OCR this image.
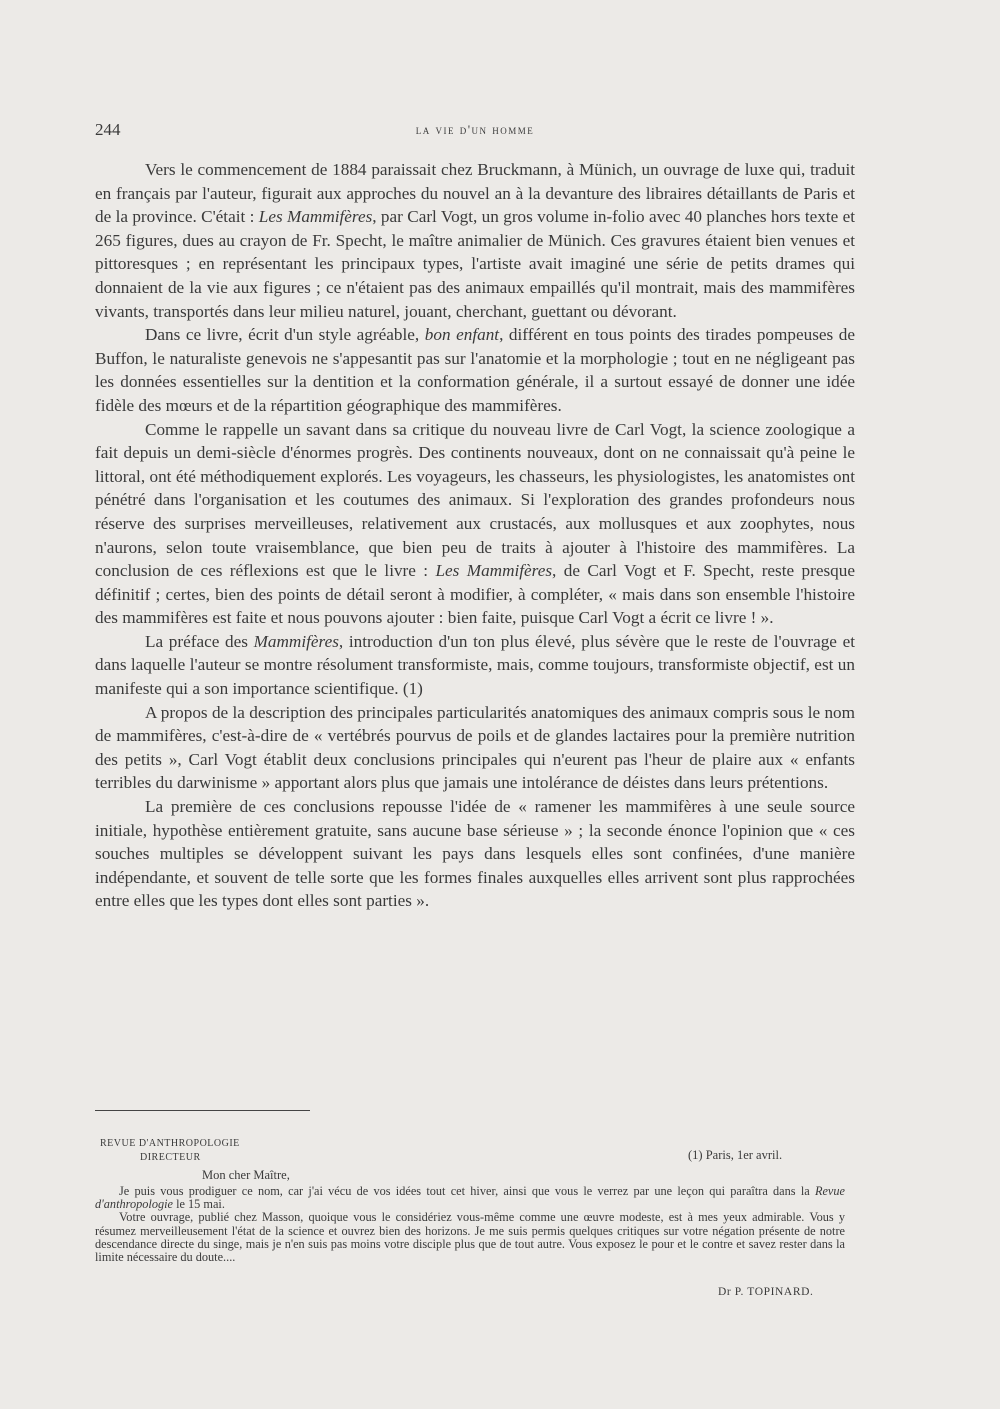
244	la vie d'un homme

Vers le commencement de 1884 paraissait chez Bruckmann, à Münich, un ouvrage de luxe qui, traduit en français par l'auteur, figurait aux approches du nouvel an à la devanture des libraires détaillants de Paris et de la province. C'était : Les Mammifères, par Carl Vogt, un gros volume in-folio avec 40 planches hors texte et 265 figures, dues au crayon de Fr. Specht, le maître animalier de Münich. Ces gravures étaient bien venues et pittoresques ; en représentant les principaux types, l'artiste avait imaginé une série de petits drames qui donnaient de la vie aux figures ; ce n'étaient pas des animaux empaillés qu'il montrait, mais des mammifères vivants, transportés dans leur milieu naturel, jouant, cherchant, guettant ou dévorant.

Dans ce livre, écrit d'un style agréable, bon enfant, différent en tous points des tirades pompeuses de Buffon, le naturaliste genevois ne s'appesantit pas sur l'anatomie et la morphologie ; tout en ne négligeant pas les données essentielles sur la dentition et la conformation générale, il a surtout essayé de donner une idée fidèle des mœurs et de la répartition géographique des mammifères.

Comme le rappelle un savant dans sa critique du nouveau livre de Carl Vogt, la science zoologique a fait depuis un demi-siècle d'énormes progrès. Des continents nouveaux, dont on ne connaissait qu'à peine le littoral, ont été méthodiquement explorés. Les voyageurs, les chasseurs, les physiologistes, les anatomistes ont pénétré dans l'organisation et les coutumes des animaux. Si l'exploration des grandes profondeurs nous réserve des surprises merveilleuses, relativement aux crustacés, aux mollusques et aux zoophytes, nous n'aurons, selon toute vraisemblance, que bien peu de traits à ajouter à l'histoire des mammifères. La conclusion de ces réflexions est que le livre : Les Mammifères, de Carl Vogt et F. Specht, reste presque définitif ; certes, bien des points de détail seront à modifier, à compléter, « mais dans son ensemble l'histoire des mammifères est faite et nous pouvons ajouter : bien faite, puisque Carl Vogt a écrit ce livre ! ».

La préface des Mammifères, introduction d'un ton plus élevé, plus sévère que le reste de l'ouvrage et dans laquelle l'auteur se montre résolument transformiste, mais, comme toujours, transformiste objectif, est un manifeste qui a son importance scientifique. (1)

A propos de la description des principales particularités anatomiques des animaux compris sous le nom de mammifères, c'est-à-dire de « vertébrés pourvus de poils et de glandes lactaires pour la première nutrition des petits », Carl Vogt établit deux conclusions principales qui n'eurent pas l'heur de plaire aux « enfants terribles du darwinisme » apportant alors plus que jamais une intolérance de déistes dans leurs prétentions.

La première de ces conclusions repousse l'idée de « ramener les mammifères à une seule source initiale, hypothèse entièrement gratuite, sans aucune base sérieuse » ; la seconde énonce l'opinion que « ces souches multiples se développent suivant les pays dans lesquels elles sont confinées, d'une manière indépendante, et souvent de telle sorte que les formes finales auxquelles elles arrivent sont plus rapprochées entre elles que les types dont elles sont parties ».

REVUE D'ANTHROPOLOGIE
DIRECTEUR	(1) Paris, 1er avril.
Mon cher Maître,

Je puis vous prodiguer ce nom, car j'ai vécu de vos idées tout cet hiver, ainsi que vous le verrez par une leçon qui paraîtra dans la Revue d'anthropologie le 15 mai.

Votre ouvrage, publié chez Masson, quoique vous le considériez vous-même comme une œuvre modeste, est à mes yeux admirable. Vous y résumez merveilleusement l'état de la science et ouvrez bien des horizons. Je me suis permis quelques critiques sur votre négation présente de notre descendance directe du singe, mais je n'en suis pas moins votre disciple plus que de tout autre. Vous exposez le pour et le contre et savez rester dans la limite nécessaire du doute....

Dr P. TOPINARD.
